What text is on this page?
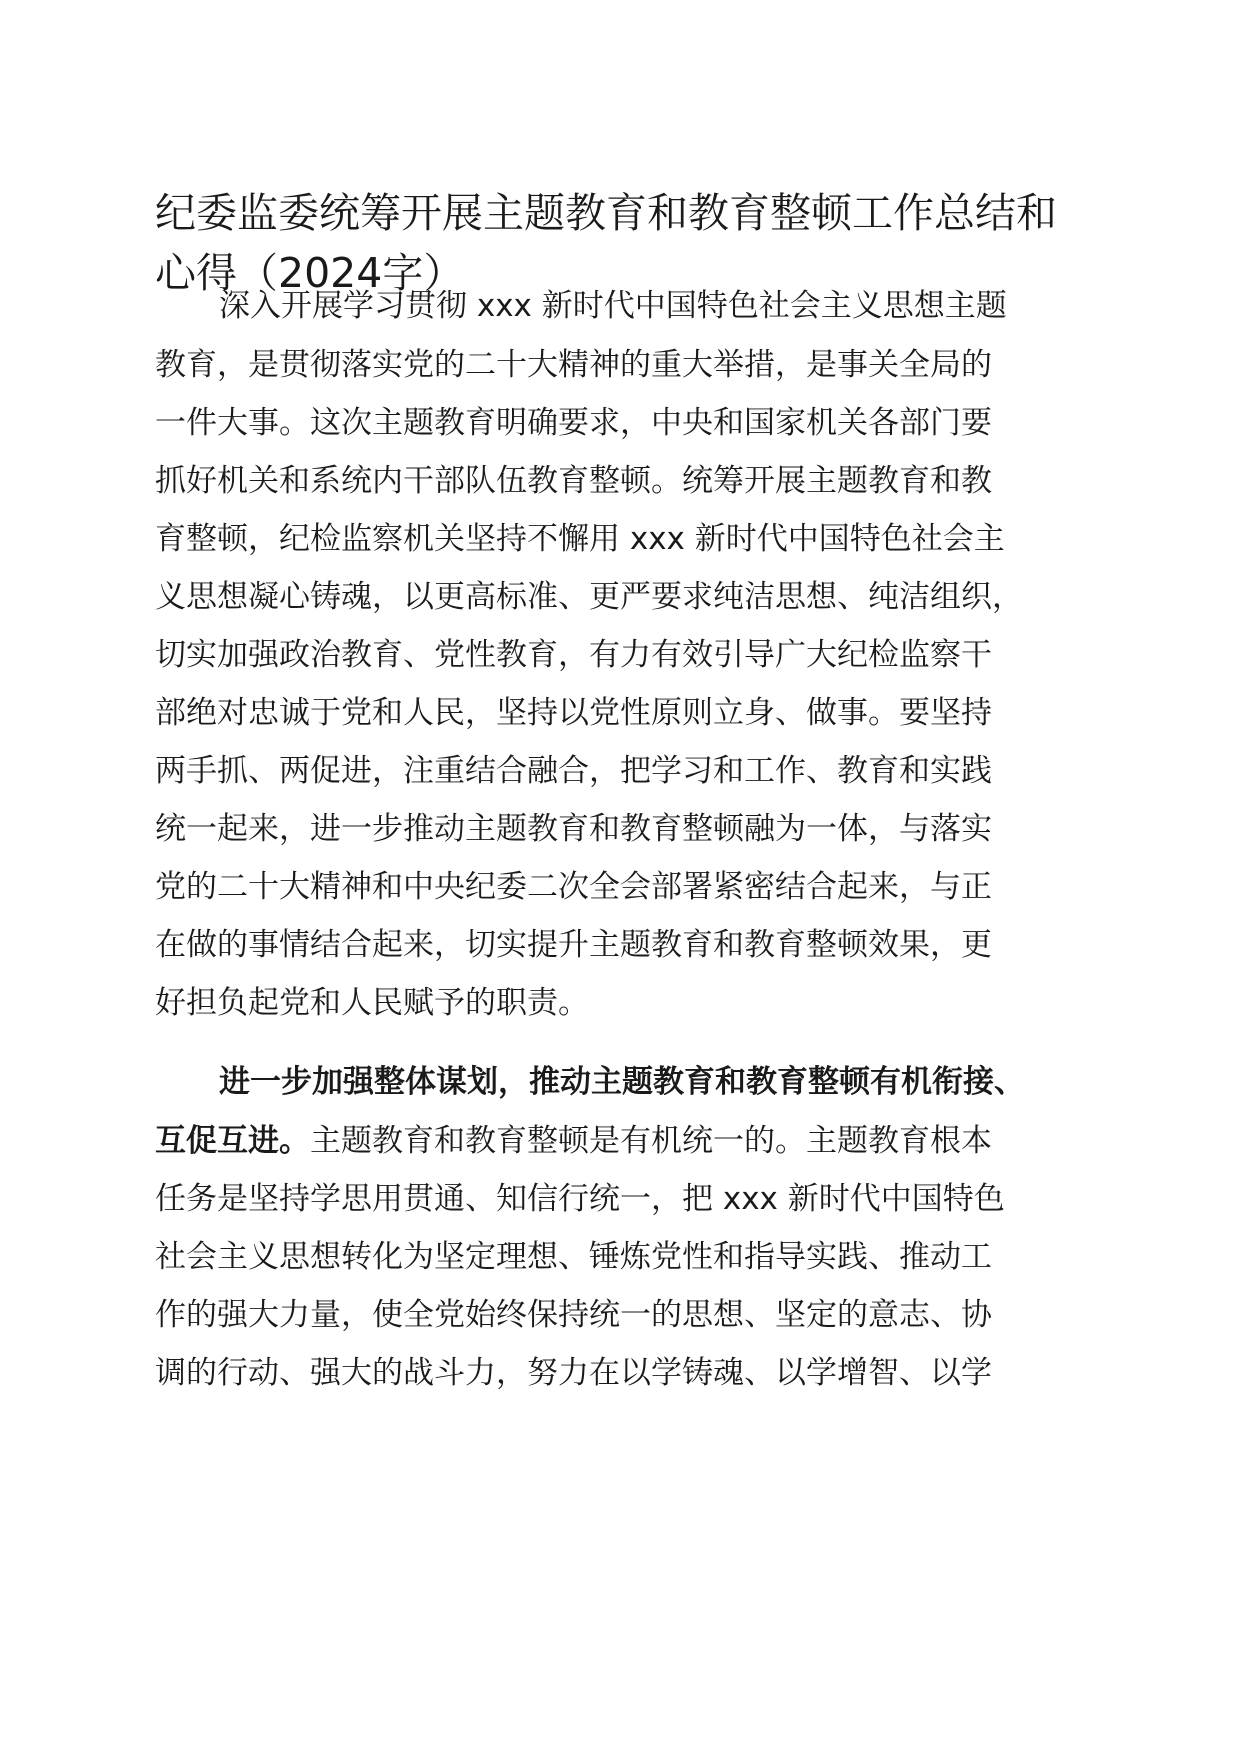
纪委监委统筹开展主题教育和教育整顿工作总结和心得（2024字）

深入开展学习贯彻 xxx 新时代中国特色社会主义思想主题

教育，是贯彻落实党的二十大精神的重大举措，是事关全局的

一件大事。这次主题教育明确要求，中央和国家机关各部门要

抓好机关和系统内干部队伍教育整顿。统筹开展主题教育和教

育整顿，纪检监察机关坚持不懈用 xxx 新时代中国特色社会主

义思想凝心铸魂，以更高标准、更严要求纯洁思想、纯洁组织，

切实加强政治教育、党性教育，有力有效引导广大纪检监察干

部绝对忠诚于党和人民，坚持以党性原则立身、做事。要坚持

两手抓、两促进，注重结合融合，把学习和工作、教育和实践

统一起来，进一步推动主题教育和教育整顿融为一体，与落实

党的二十大精神和中央纪委二次全会部署紧密结合起来，与正

在做的事情结合起来，切实提升主题教育和教育整顿效果，更

好担负起党和人民赋予的职责。

进一步加强整体谋划，推动主题教育和教育整顿有机衔接、

互促互进。主题教育和教育整顿是有机统一的。主题教育根本

任务是坚持学思用贯通、知信行统一，把 xxx 新时代中国特色

社会主义思想转化为坚定理想、锤炼党性和指导实践、推动工

作的强大力量，使全党始终保持统一的思想、坚定的意志、协

调的行动、强大的战斗力，努力在以学铸魂、以学增智、以学
